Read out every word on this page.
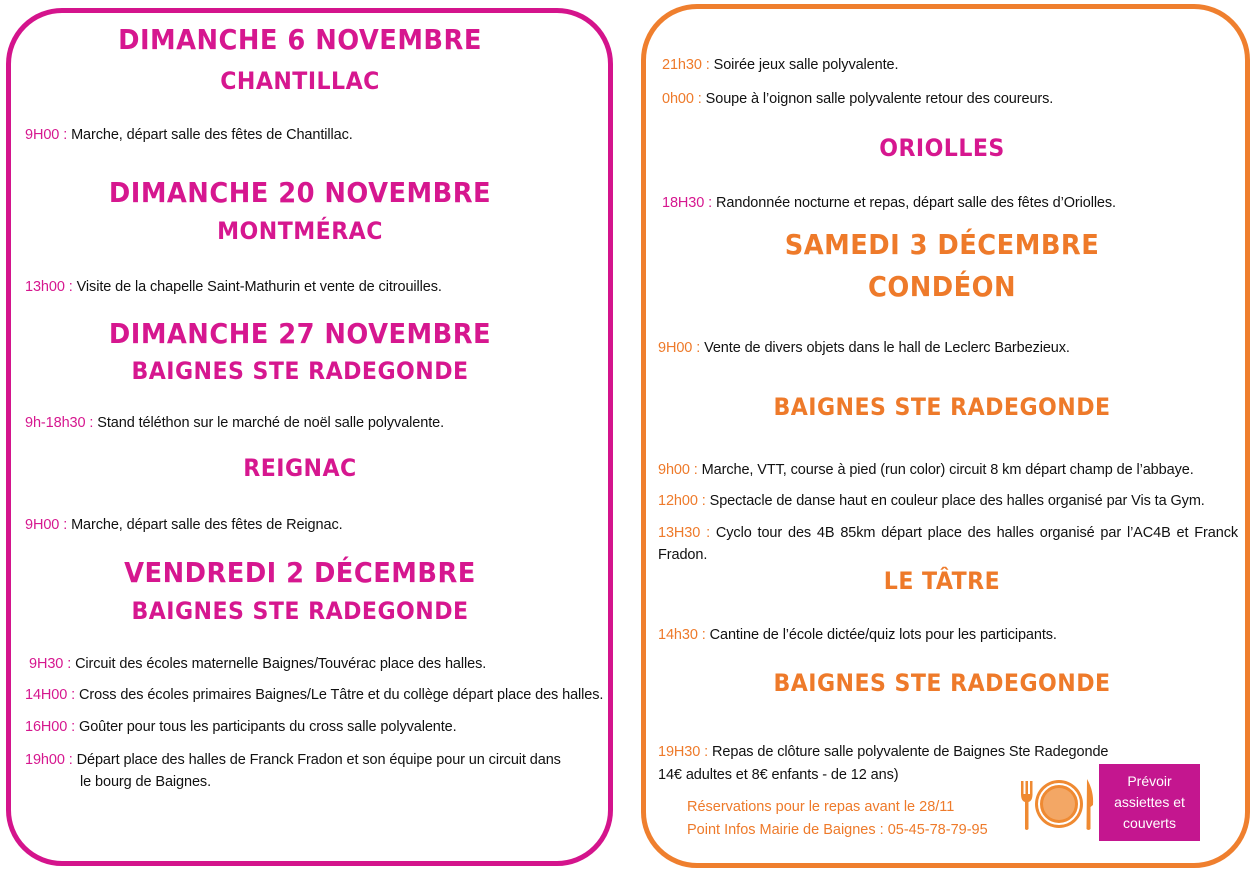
DIMANCHE 6 NOVEMBRE
CHANTILLAC

9H00 : Marche, départ salle des fêtes de Chantillac.

DIMANCHE 20 NOVEMBRE
MONTMÉRAC

13h00 : Visite de la chapelle Saint-Mathurin et vente de citrouilles.

DIMANCHE 27 NOVEMBRE
BAIGNES STE RADEGONDE

9h-18h30 : Stand téléthon sur le marché de noël salle polyvalente.

REIGNAC

9H00 : Marche, départ salle des fêtes de Reignac.

VENDREDI 2 DÉCEMBRE
BAIGNES STE RADEGONDE

9H30 : Circuit des écoles maternelle Baignes/Touvérac place des halles.

14H00 : Cross des écoles primaires Baignes/Le Tâtre et du collège départ place des halles.

16H00 : Goûter pour tous les participants du cross salle polyvalente.

19h00 : Départ place des halles de Franck Fradon et son équipe pour un circuit dans

le bourg de Baignes.

21h30 : Soirée jeux salle polyvalente.

0h00 : Soupe à l’oignon salle polyvalente retour des coureurs.

ORIOLLES

18H30 : Randonnée nocturne et repas, départ salle des fêtes d’Oriolles.

SAMEDI 3 DÉCEMBRE
CONDÉON

9H00 : Vente de divers objets dans le hall de Leclerc Barbezieux.

BAIGNES STE RADEGONDE

9h00 : Marche, VTT, course à pied (run color) circuit 8 km départ champ de l’abbaye.

12h00 : Spectacle de danse haut en couleur place des halles organisé par Vis ta Gym.

13H30 : Cyclo tour des 4B 85km départ place des halles organisé par l’AC4B et Franck

Fradon.

LE TÂTRE

14h30 : Cantine de l’école dictée/quiz lots pour les participants.

BAIGNES STE RADEGONDE

19H30 : Repas de clôture salle polyvalente de Baignes Ste Radegonde

14€ adultes et 8€ enfants - de 12 ans)

Réservations pour le repas avant le 28/11
Point Infos Mairie de Baignes : 05-45-78-79-95
Prévoir
assiettes et
couverts
